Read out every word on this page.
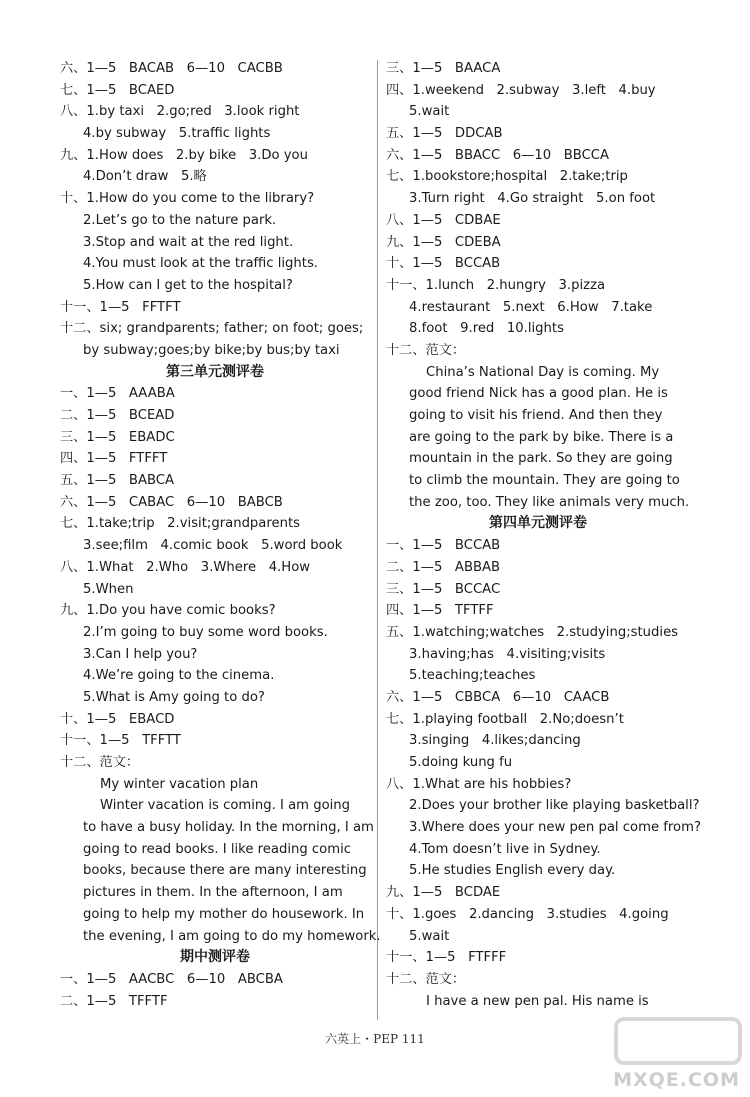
六、1—5   BACAB   6—10   CACBB
七、1—5   BCAED
八、1.by taxi   2.go;red   3.look right
4.by subway   5.traffic lights
九、1.How does   2.by bike   3.Do you
4.Don’t draw   5.略
十、1.How do you come to the library?
2.Let’s go to the nature park.
3.Stop and wait at the red light.
4.You must look at the traffic lights.
5.How can I get to the hospital?
十一、1—5   FFTFT
十二、six; grandparents; father; on foot; goes;
by subway;goes;by bike;by bus;by taxi
第三单元测评卷
一、1—5   AAABA
二、1—5   BCEAD
三、1—5   EBADC
四、1—5   FTFFT
五、1—5   BABCA
六、1—5   CABAC   6—10   BABCB
七、1.take;trip   2.visit;grandparents
3.see;film   4.comic book   5.word book
八、1.What   2.Who   3.Where   4.How
5.When
九、1.Do you have comic books?
2.I’m going to buy some word books.
3.Can I help you?
4.We’re going to the cinema.
5.What is Amy going to do?
十、1—5   EBACD
十一、1—5   TFFTT
十二、范文：
My winter vacation plan
Winter vacation is coming. I am going
to have a busy holiday. In the morning, I am
going to read books. I like reading comic
books, because there are many interesting
pictures in them. In the afternoon, I am
going to help my mother do housework. In
the evening, I am going to do my homework.
期中测评卷
一、1—5   AACBC   6—10   ABCBA
二、1—5   TFFTF
三、1—5   BAACA
四、1.weekend   2.subway   3.left   4.buy
5.wait
五、1—5   DDCAB
六、1—5   BBACC   6—10   BBCCA
七、1.bookstore;hospital   2.take;trip
3.Turn right   4.Go straight   5.on foot
八、1—5   CDBAE
九、1—5   CDEBA
十、1—5   BCCAB
十一、1.lunch   2.hungry   3.pizza
4.restaurant   5.next   6.How   7.take
8.foot   9.red   10.lights
十二、范文：
China’s National Day is coming. My
good friend Nick has a good plan. He is
going to visit his friend. And then they
are going to the park by bike. There is a
mountain in the park. So they are going
to climb the mountain. They are going to
the zoo, too. They like animals very much.
第四单元测评卷
一、1—5   BCCAB
二、1—5   ABBAB
三、1—5   BCCAC
四、1—5   TFTFF
五、1.watching;watches   2.studying;studies
3.having;has   4.visiting;visits
5.teaching;teaches
六、1—5   CBBCA   6—10   CAACB
七、1.playing football   2.No;doesn’t
3.singing   4.likes;dancing
5.doing kung fu
八、1.What are his hobbies?
2.Does your brother like playing basketball?
3.Where does your new pen pal come from?
4.Tom doesn’t live in Sydney.
5.He studies English every day.
九、1—5   BCDAE
十、1.goes   2.dancing   3.studies   4.going
5.wait
十一、1—5   FTFFF
十二、范文：
I have a new pen pal. His name is
六英上・PEP 111
MXQE.COM
